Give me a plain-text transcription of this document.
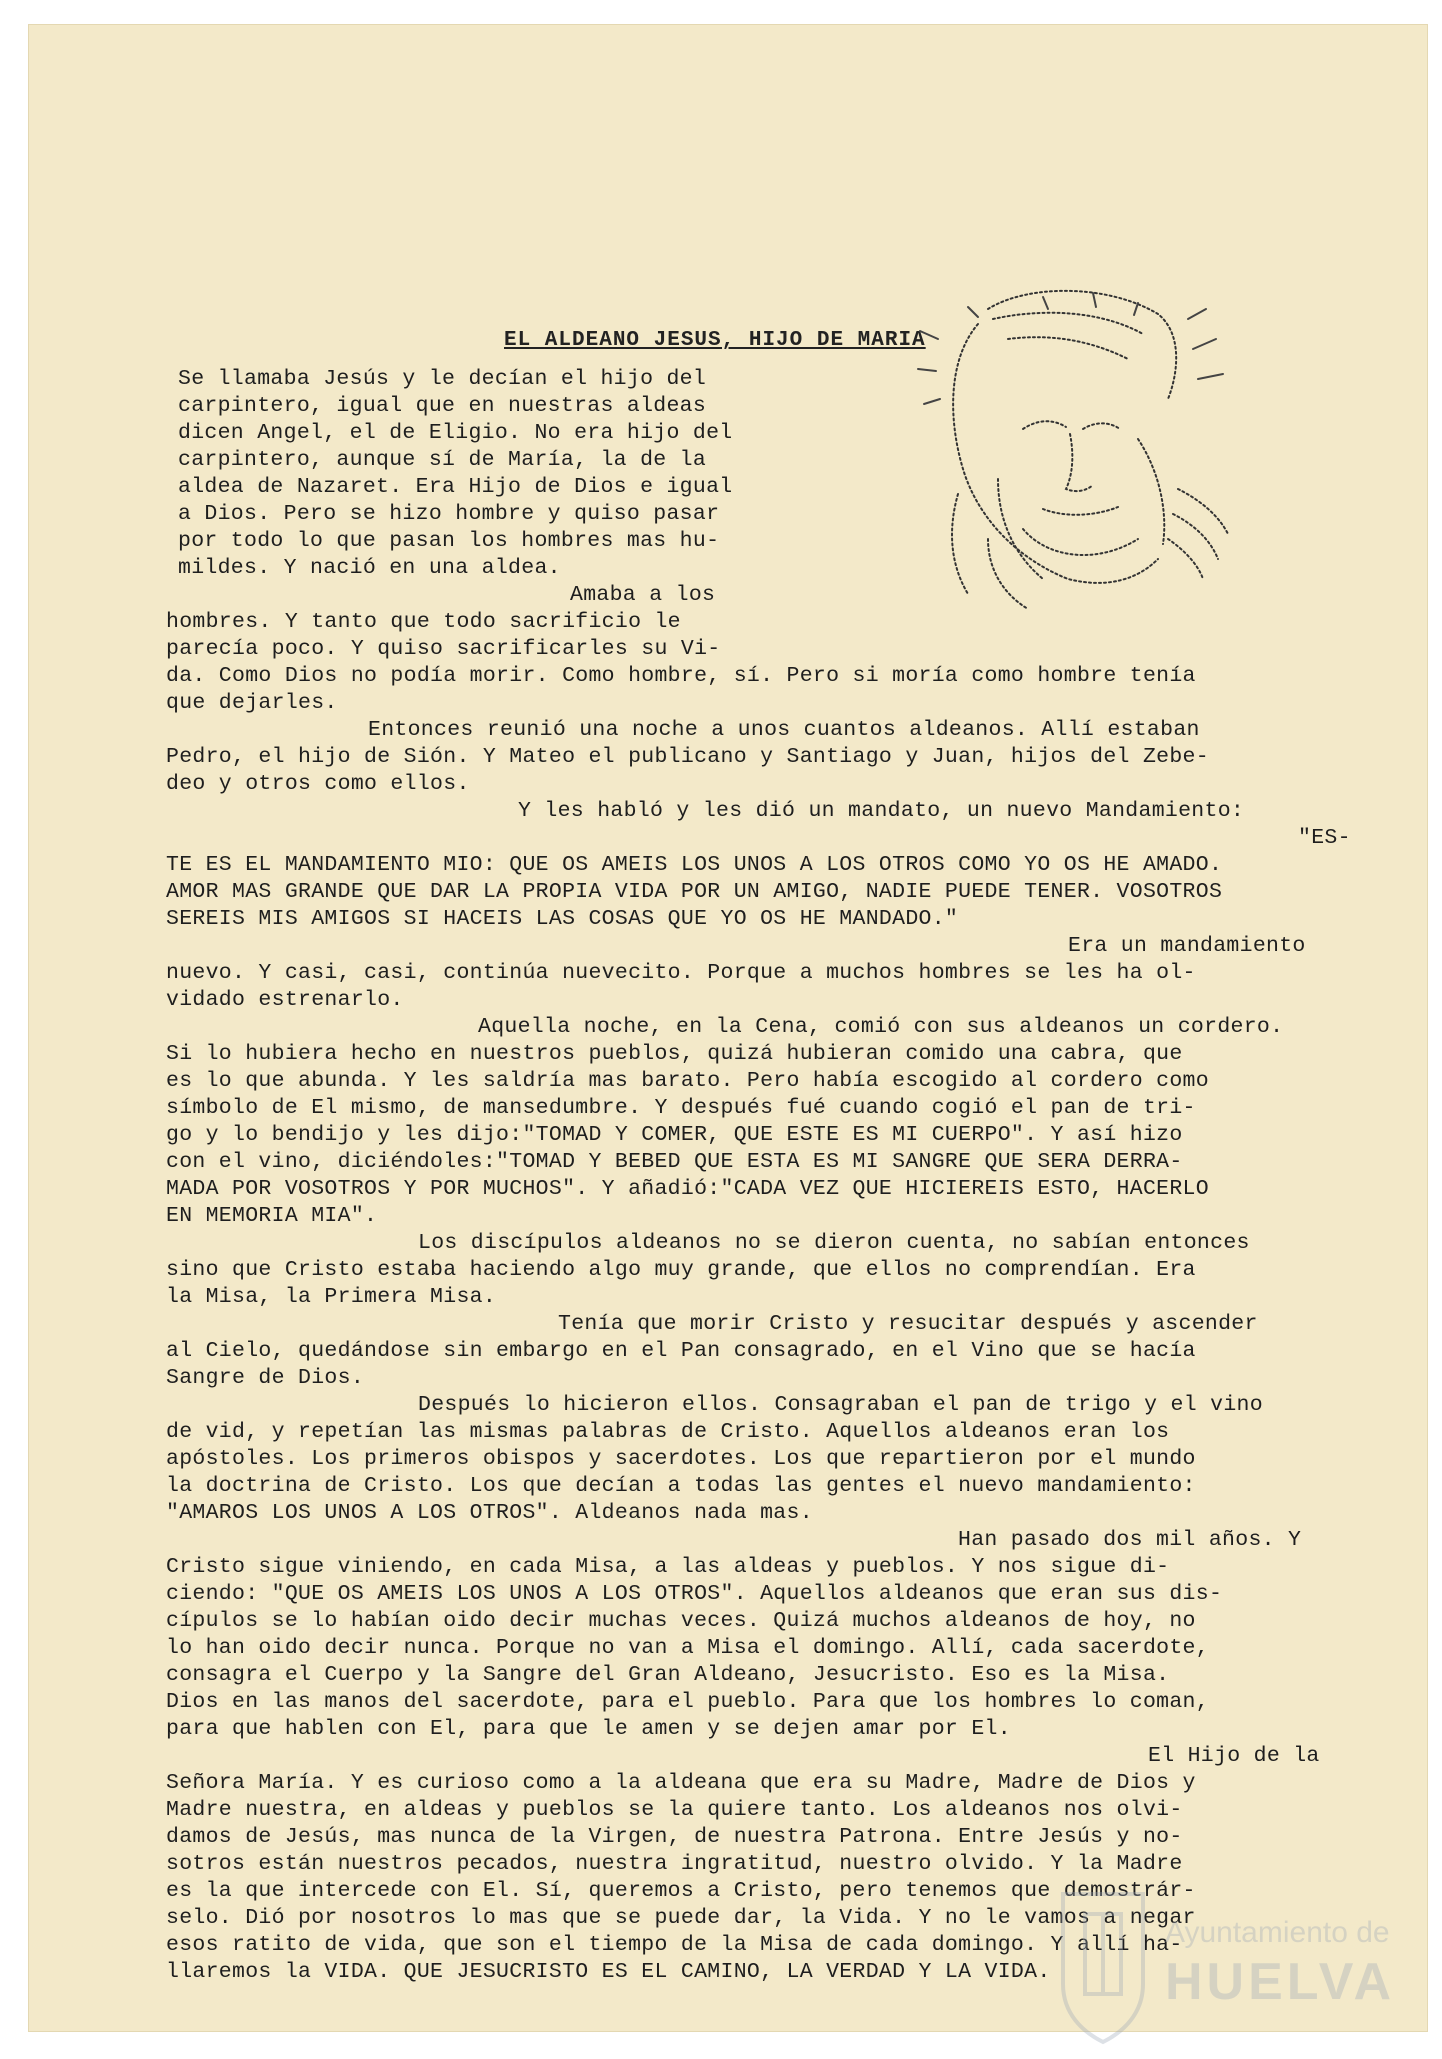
EL ALDEANO JESUS, HIJO DE MARIA
Se llamaba Jesús y le decían el hijo del
carpintero, igual que en nuestras aldeas
dicen Angel, el de Eligio. No era hijo del
carpintero, aunque sí de María, la de la
aldea de Nazaret. Era Hijo de Dios e igual
a Dios. Pero se hizo hombre y quiso pasar
por todo lo que pasan los hombres mas hu-
mildes. Y nació en una aldea.
Amaba a los
hombres. Y tanto que todo sacrificio le
parecía poco. Y quiso sacrificarles su Vi-
da. Como Dios no podía morir. Como hombre, sí. Pero si moría como hombre tenía
que dejarles.
Entonces reunió una noche a unos cuantos aldeanos. Allí estaban
Pedro, el hijo de Sión. Y Mateo el publicano y Santiago y Juan, hijos del Zebe-
deo y otros como ellos.
Y les habló y les dió un mandato, un nuevo Mandamiento:
"ES-
TE ES EL MANDAMIENTO MIO: QUE OS AMEIS LOS UNOS A LOS OTROS COMO YO OS HE AMADO.
AMOR MAS GRANDE QUE DAR LA PROPIA VIDA POR UN AMIGO, NADIE PUEDE TENER. VOSOTROS
SEREIS MIS AMIGOS SI HACEIS LAS COSAS QUE YO OS HE MANDADO."
Era un mandamiento
nuevo. Y casi, casi, continúa nuevecito. Porque a muchos hombres se les ha ol-
vidado estrenarlo.
Aquella noche, en la Cena, comió con sus aldeanos un cordero.
Si lo hubiera hecho en nuestros pueblos, quizá hubieran comido una cabra, que
es lo que abunda. Y les saldría mas barato. Pero había escogido al cordero como
símbolo de El mismo, de mansedumbre. Y después fué cuando cogió el pan de tri-
go y lo bendijo y les dijo:"TOMAD Y COMER, QUE ESTE ES MI CUERPO". Y así hizo
con el vino, diciéndoles:"TOMAD Y BEBED QUE ESTA ES MI SANGRE QUE SERA DERRA-
MADA POR VOSOTROS Y POR MUCHOS". Y añadió:"CADA VEZ QUE HICIEREIS ESTO, HACERLO
EN MEMORIA MIA".
Los discípulos aldeanos no se dieron cuenta, no sabían entonces
sino que Cristo estaba haciendo algo muy grande, que ellos no comprendían. Era
la Misa, la Primera Misa.
Tenía que morir Cristo y resucitar después y ascender
al Cielo, quedándose sin embargo en el Pan consagrado, en el Vino que se hacía
Sangre de Dios.
Después lo hicieron ellos. Consagraban el pan de trigo y el vino
de vid, y repetían las mismas palabras de Cristo. Aquellos aldeanos eran los
apóstoles. Los primeros obispos y sacerdotes. Los que repartieron por el mundo
la doctrina de Cristo. Los que decían a todas las gentes el nuevo mandamiento:
"AMAROS LOS UNOS A LOS OTROS". Aldeanos nada mas.
Han pasado dos mil años. Y
Cristo sigue viniendo, en cada Misa, a las aldeas y pueblos. Y nos sigue di-
ciendo: "QUE OS AMEIS LOS UNOS A LOS OTROS". Aquellos aldeanos que eran sus dis-
cípulos se lo habían oido decir muchas veces. Quizá muchos aldeanos de hoy, no
lo han oido decir nunca. Porque no van a Misa el domingo. Allí, cada sacerdote,
consagra el Cuerpo y la Sangre del Gran Aldeano, Jesucristo. Eso es la Misa.
Dios en las manos del sacerdote, para el pueblo. Para que los hombres lo coman,
para que hablen con El, para que le amen y se dejen amar por El.
El Hijo de la
Señora María. Y es curioso como a la aldeana que era su Madre, Madre de Dios y
Madre nuestra, en aldeas y pueblos se la quiere tanto. Los aldeanos nos olvi-
damos de Jesús, mas nunca de la Virgen, de nuestra Patrona. Entre Jesús y no-
sotros están nuestros pecados, nuestra ingratitud, nuestro olvido. Y la Madre
es la que intercede con El. Sí, queremos a Cristo, pero tenemos que demostrár-
selo. Dió por nosotros lo mas que se puede dar, la Vida. Y no le vamos a negar
esos ratito de vida, que son el tiempo de la Misa de cada domingo. Y allí ha-
llaremos la VIDA. QUE JESUCRISTO ES EL CAMINO, LA VERDAD Y LA VIDA.
Ayuntamiento de
HUELVA
